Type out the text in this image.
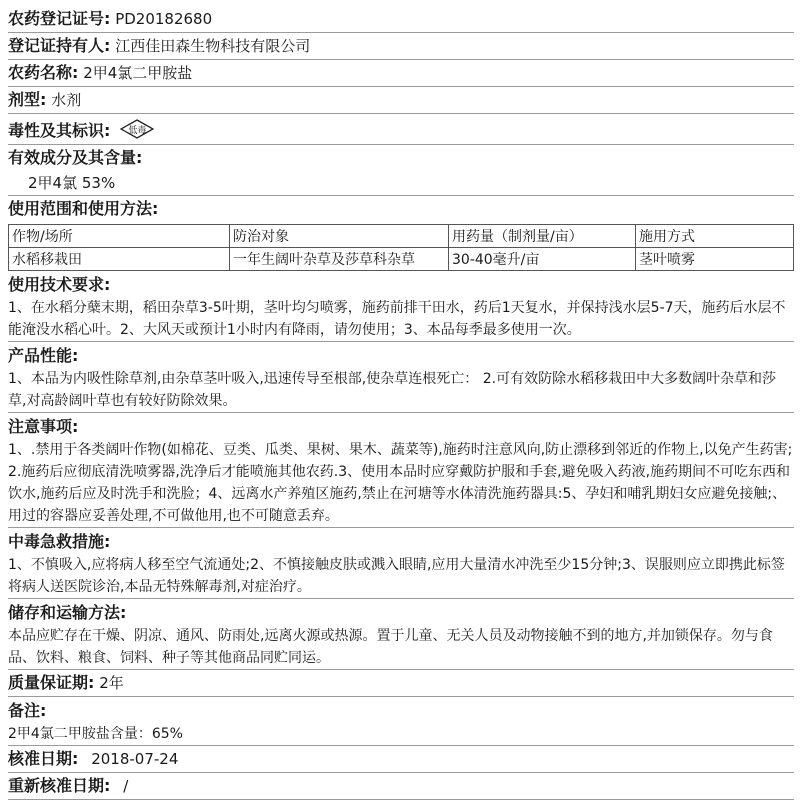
农药登记证号: PD20182680
登记证持有人: 江西佳田森生物科技有限公司
农药名称: 2甲4氯二甲胺盐
剂型: 水剂
毒性及其标识: 低毒
有效成分及其含量:
2甲4氯 53%
使用范围和使用方法:
作物/场所	防治对象	用药量（制剂量/亩）	施用方式
水稻移栽田	一年生阔叶杂草及莎草科杂草	30-40毫升/亩	茎叶喷雾
使用技术要求:
1、在水稻分蘖末期，稻田杂草3-5叶期，茎叶均匀喷雾，施药前排干田水，药后1天复水，并保持浅水层5-7天，施药后水层不能淹没水稻心叶。2、大风天或预计1小时内有降雨，请勿使用；3、本品每季最多使用一次。
产品性能:
1、本品为内吸性除草剂,由杂草茎叶吸入,迅速传导至根部,使杂草连根死亡： 2.可有效防除水稻移栽田中大多数阔叶杂草和莎草,对高龄阔叶草也有较好防除效果。
注意事项:
1、.禁用于各类阔叶作物(如棉花、豆类、瓜类、果树、果木、蔬菜等),施药时注意风向,防止漂移到邻近的作物上,以免产生药害;2.施药后应彻底清洗喷雾器,洗净后才能喷施其他农药.3、使用本品时应穿戴防护服和手套,避免吸入药液,施药期间不可吃东西和饮水,施药后应及时洗手和洗脸；4、远离水产养殖区施药,禁止在河塘等水体清洗施药器具:5、孕妇和哺乳期妇女应避免接触;、用过的容器应妥善处理,不可做他用,也不可随意丢弃。
中毒急救措施:
1、不慎吸入,应将病人移至空气流通处;2、不慎接触皮肤或溅入眼睛,应用大量清水冲洗至少15分钟;3、误服则应立即携此标签将病人送医院诊治,本品无特殊解毒剂,对症治疗。
储存和运输方法:
本品应贮存在干燥、阴凉、通风、防雨处,远离火源或热源。置于儿童、无关人员及动物接触不到的地方,并加锁保存。勿与食品、饮料、粮食、饲料、种子等其他商品同贮同运。
质量保证期: 2年
备注:
2甲4氯二甲胺盐含量：65%
核准日期: 2018-07-24
重新核准日期: /
